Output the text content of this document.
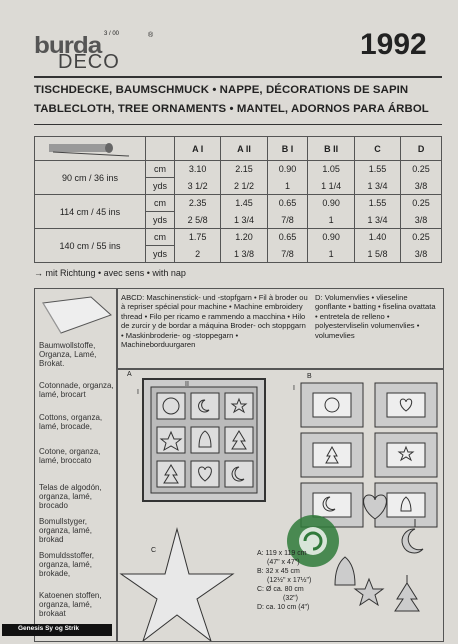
burda 3 / 00	®
DECO
1992
TISCHDECKE, BAUMSCHMUCK • NAPPE, DÉCORATIONS DE SAPIN
TABLECLOTH, TREE ORNAMENTS • MANTEL, ADORNOS PARA ÁRBOL
		A I	A II	B I	B II	C	D
90 cm / 36 ins	cm	3.10	2.15	0.90	1.05	1.55	0.25
	yds	3 1/2	2 1/2	1	1 1/4	1 3/4	3/8
114 cm / 45 ins	cm	2.35	1.45	0.65	0.90	1.55	0.25
	yds	2 5/8	1 3/4	7/8	1	1 3/4	3/8
140 cm / 55 ins	cm	1.75	1.20	0.65	0.90	1.40	0.25
	yds	2	1 3/8	7/8	1	1 5/8	3/8
→ mit Richtung • avec sens • with nap
Baumwollstoffe, Organza, Lamé, Brokat.
Cotonnade, organza, lamé, brocart
Cottons, organza, lamé, brocade,
Cotone, organza, lamé, broccato
Telas de algodón, organza, lamé, brocado
Bomullstyger, organza, lamé, brokad
Bomuldsstoffer, organza, lamé, brokade,
Katoenen stoffen, organza, lamé, brokaat
ABCD: Maschinenstick- und -stopfgarn • Fil à broder ou à repriser spécial pour machine • Machine embroidery thread • Filo per ricamo e rammendo a macchina • Hilo de zurcir y de bordar a máquina Broder- och stoppgarn • Maskinbroderie- og -stoppegarn • Machineborduurgaren
D: Volumenvlies • vlieseline gonflante • batting • fiselina ovattata • entretela de relleno • polyestervliselin volumenvlies • volumevlies
A
I
II
B
I
C	A: 119 x 119 cm
(47" x 47")
B: 32 x 45 cm
(12½" x 17½")
C: Ø ca. 80 cm
(32")
D: ca. 10 cm (4")
Genesis Sy og Strik
